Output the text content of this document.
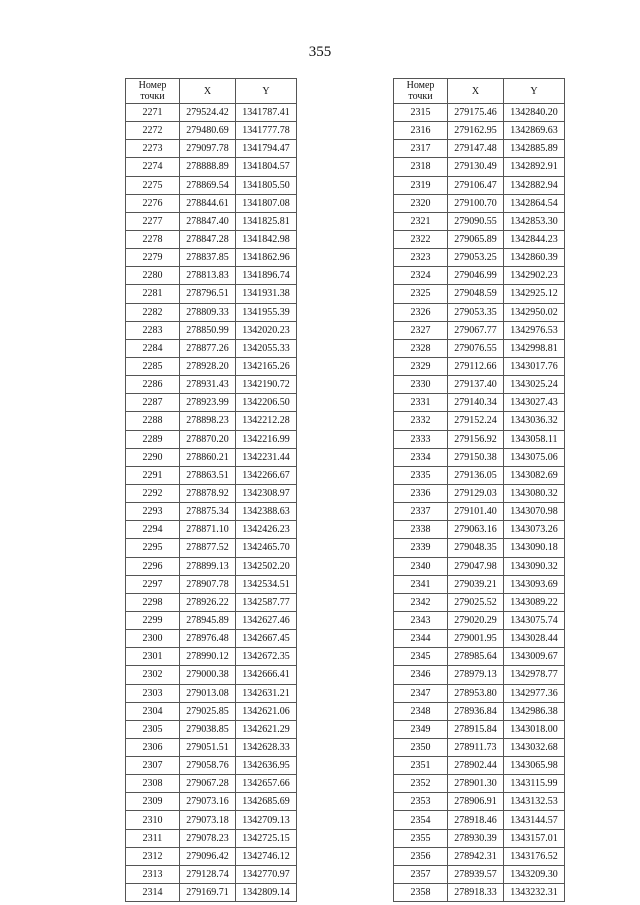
355
Номер точки	X	Y
2271	279524.42	1341787.41
2272	279480.69	1341777.78
2273	279097.78	1341794.47
2274	278888.89	1341804.57
2275	278869.54	1341805.50
2276	278844.61	1341807.08
2277	278847.40	1341825.81
2278	278847.28	1341842.98
2279	278837.85	1341862.96
2280	278813.83	1341896.74
2281	278796.51	1341931.38
2282	278809.33	1341955.39
2283	278850.99	1342020.23
2284	278877.26	1342055.33
2285	278928.20	1342165.26
2286	278931.43	1342190.72
2287	278923.99	1342206.50
2288	278898.23	1342212.28
2289	278870.20	1342216.99
2290	278860.21	1342231.44
2291	278863.51	1342266.67
2292	278878.92	1342308.97
2293	278875.34	1342388.63
2294	278871.10	1342426.23
2295	278877.52	1342465.70
2296	278899.13	1342502.20
2297	278907.78	1342534.51
2298	278926.22	1342587.77
2299	278945.89	1342627.46
2300	278976.48	1342667.45
2301	278990.12	1342672.35
2302	279000.38	1342666.41
2303	279013.08	1342631.21
2304	279025.85	1342621.06
2305	279038.85	1342621.29
2306	279051.51	1342628.33
2307	279058.76	1342636.95
2308	279067.28	1342657.66
2309	279073.16	1342685.69
2310	279073.18	1342709.13
2311	279078.23	1342725.15
2312	279096.42	1342746.12
2313	279128.74	1342770.97
2314	279169.71	1342809.14
Номер точки	X	Y
2315	279175.46	1342840.20
2316	279162.95	1342869.63
2317	279147.48	1342885.89
2318	279130.49	1342892.91
2319	279106.47	1342882.94
2320	279100.70	1342864.54
2321	279090.55	1342853.30
2322	279065.89	1342844.23
2323	279053.25	1342860.39
2324	279046.99	1342902.23
2325	279048.59	1342925.12
2326	279053.35	1342950.02
2327	279067.77	1342976.53
2328	279076.55	1342998.81
2329	279112.66	1343017.76
2330	279137.40	1343025.24
2331	279140.34	1343027.43
2332	279152.24	1343036.32
2333	279156.92	1343058.11
2334	279150.38	1343075.06
2335	279136.05	1343082.69
2336	279129.03	1343080.32
2337	279101.40	1343070.98
2338	279063.16	1343073.26
2339	279048.35	1343090.18
2340	279047.98	1343090.32
2341	279039.21	1343093.69
2342	279025.52	1343089.22
2343	279020.29	1343075.74
2344	279001.95	1343028.44
2345	278985.64	1343009.67
2346	278979.13	1342978.77
2347	278953.80	1342977.36
2348	278936.84	1342986.38
2349	278915.84	1343018.00
2350	278911.73	1343032.68
2351	278902.44	1343065.98
2352	278901.30	1343115.99
2353	278906.91	1343132.53
2354	278918.46	1343144.57
2355	278930.39	1343157.01
2356	278942.31	1343176.52
2357	278939.57	1343209.30
2358	278918.33	1343232.31
